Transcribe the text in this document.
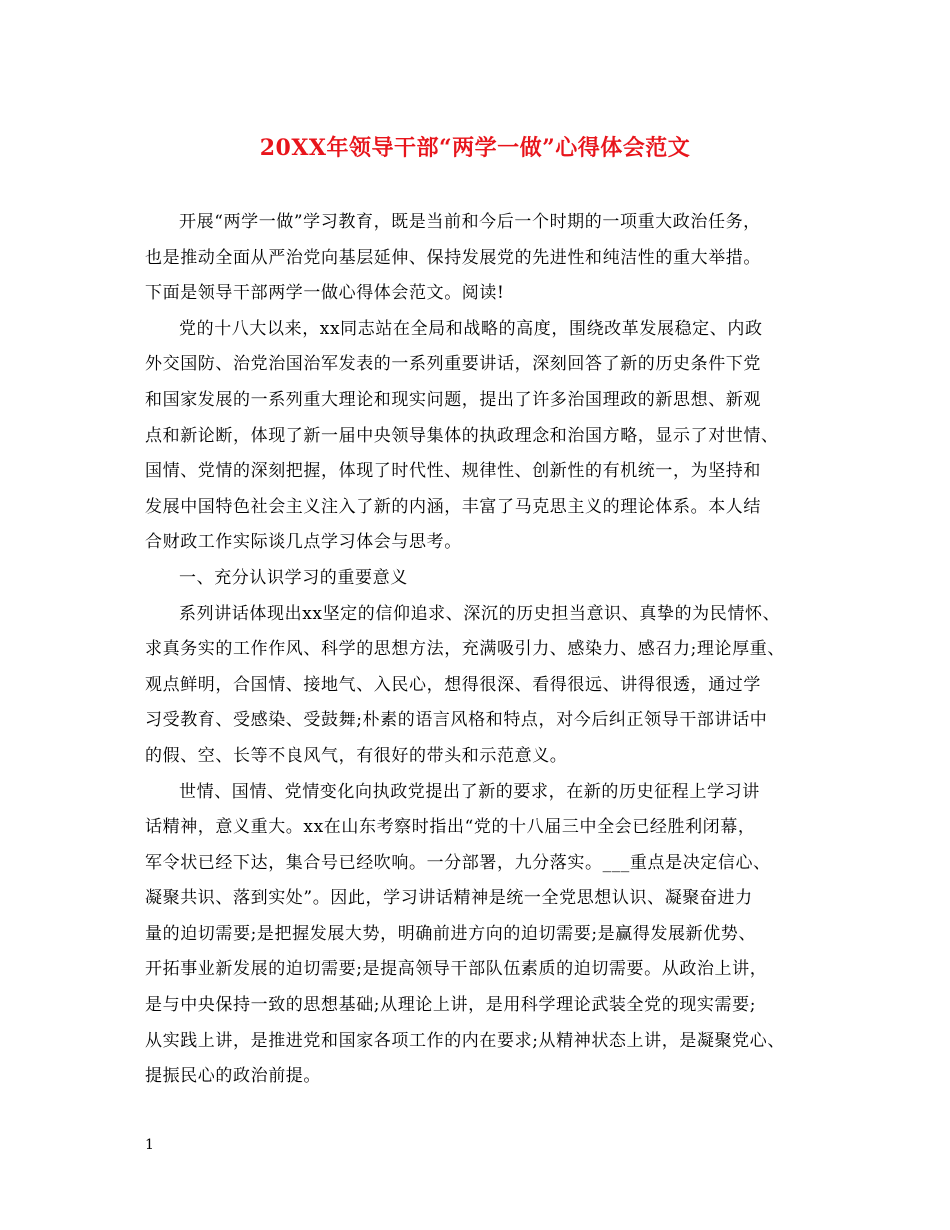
20XX年领导干部“两学一做”心得体会范文
开展“两学一做”学习教育，既是当前和今后一个时期的一项重大政治任务，
也是推动全面从严治党向基层延伸、保持发展党的先进性和纯洁性的重大举措。
下面是领导干部两学一做心得体会范文。阅读!
党的十八大以来，xx同志站在全局和战略的高度，围绕改革发展稳定、内政
外交国防、治党治国治军发表的一系列重要讲话，深刻回答了新的历史条件下党
和国家发展的一系列重大理论和现实问题，提出了许多治国理政的新思想、新观
点和新论断，体现了新一届中央领导集体的执政理念和治国方略，显示了对世情、
国情、党情的深刻把握，体现了时代性、规律性、创新性的有机统一，为坚持和
发展中国特色社会主义注入了新的内涵，丰富了马克思主义的理论体系。本人结
合财政工作实际谈几点学习体会与思考。
一、充分认识学习的重要意义
系列讲话体现出xx坚定的信仰追求、深沉的历史担当意识、真挚的为民情怀、
求真务实的工作作风、科学的思想方法，充满吸引力、感染力、感召力;理论厚重、
观点鲜明，合国情、接地气、入民心，想得很深、看得很远、讲得很透，通过学
习受教育、受感染、受鼓舞;朴素的语言风格和特点，对今后纠正领导干部讲话中
的假、空、长等不良风气，有很好的带头和示范意义。
世情、国情、党情变化向执政党提出了新的要求，在新的历史征程上学习讲
话精神，意义重大。xx在山东考察时指出“党的十八届三中全会已经胜利闭幕，
军令状已经下达，集合号已经吹响。一分部署，九分落实。___重点是决定信心、
凝聚共识、落到实处”。因此，学习讲话精神是统一全党思想认识、凝聚奋进力
量的迫切需要;是把握发展大势，明确前进方向的迫切需要;是赢得发展新优势、
开拓事业新发展的迫切需要;是提高领导干部队伍素质的迫切需要。从政治上讲，
是与中央保持一致的思想基础;从理论上讲，是用科学理论武装全党的现实需要;
从实践上讲，是推进党和国家各项工作的内在要求;从精神状态上讲，是凝聚党心、
提振民心的政治前提。
1
